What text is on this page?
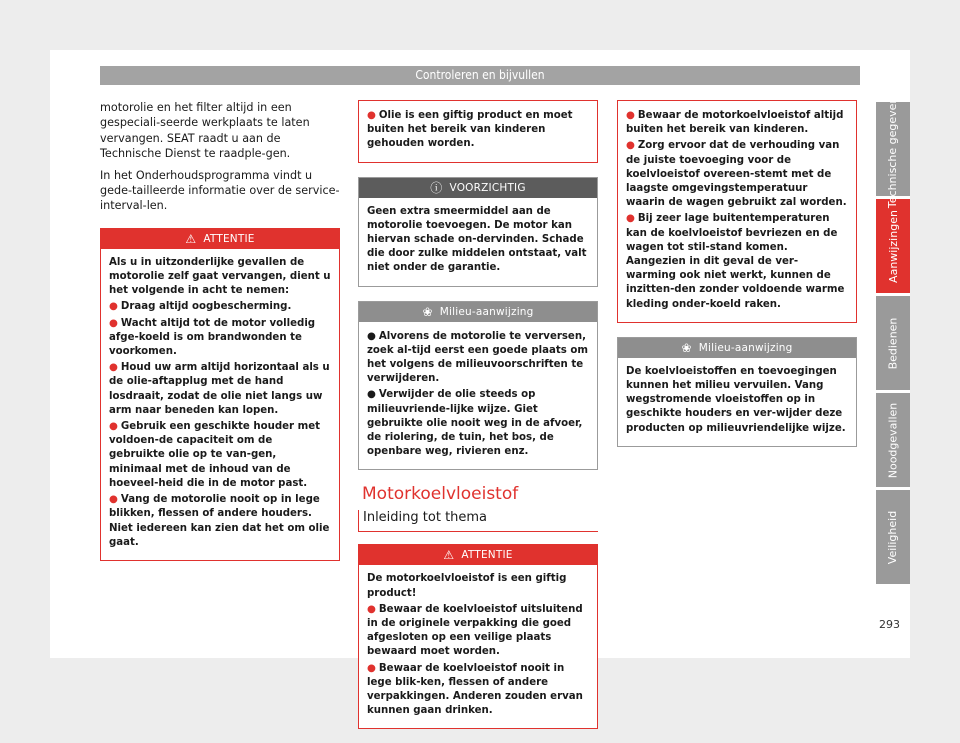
Controleren en bijvullen

motorolie en het filter altijd in een gespeciali-seerde werkplaats te laten vervangen. SEAT raadt u aan de Technische Dienst te raadple-gen.

In het Onderhoudsprogramma vindt u gede-tailleerde informatie over de service-interval-len.

⚠ ATTENTIE

Als u in uitzonderlijke gevallen de motorolie zelf gaat vervangen, dient u het volgende in acht te nemen:

● Draag altijd oogbescherming.
● Wacht altijd tot de motor volledig afge-koeld is om brandwonden te voorkomen.
● Houd uw arm altijd horizontaal als u de olie-aftapplug met de hand losdraait, zodat de olie niet langs uw arm naar beneden kan lopen.
● Gebruik een geschikte houder met voldoen-de capaciteit om de gebruikte olie op te van-gen, minimaal met de inhoud van de hoeveel-heid die in de motor past.
● Vang de motorolie nooit op in lege blikken, flessen of andere houders. Niet iedereen kan zien dat het om olie gaat.
● Olie is een giftig product en moet buiten het bereik van kinderen gehouden worden.
ⓘ VOORZICHTIG

Geen extra smeermiddel aan de motorolie toevoegen. De motor kan hiervan schade on-dervinden. Schade die door zulke middelen ontstaat, valt niet onder de garantie.

❀ Milieu-aanwijzing
● Alvorens de motorolie te verversen, zoek al-tijd eerst een goede plaats om het volgens de milieuvoorschriften te verwijderen.
● Verwijder de olie steeds op milieuvriende-lijke wijze. Giet gebruikte olie nooit weg in de afvoer, de riolering, de tuin, het bos, de openbare weg, rivieren enz.
Motorkoelvloeistof
Inleiding tot thema
⚠ ATTENTIE

De motorkoelvloeistof is een giftig product!

● Bewaar de koelvloeistof uitsluitend in de originele verpakking die goed afgesloten op een veilige plaats bewaard moet worden.
● Bewaar de koelvloeistof nooit in lege blik-ken, flessen of andere verpakkingen. Anderen zouden ervan kunnen gaan drinken.
● Bewaar de motorkoelvloeistof altijd buiten het bereik van kinderen.
● Zorg ervoor dat de verhouding van de juiste toevoeging voor de koelvloeistof overeen-stemt met de laagste omgevingstemperatuur waarin de wagen gebruikt zal worden.
● Bij zeer lage buitentemperaturen kan de koelvloeistof bevriezen en de wagen tot stil-stand komen. Aangezien in dit geval de ver-warming ook niet werkt, kunnen de inzitten-den zonder voldoende warme kleding onder-koeld raken.
❀ Milieu-aanwijzing

De koelvloeistoffen en toevoegingen kunnen het milieu vervuilen. Vang wegstromende vloeistoffen op in geschikte houders en ver-wijder deze producten op milieuvriendelijke wijze.

Technische gegevens
Aanwijzingen
Bedienen
Noodgevallen
Veiligheid
293
